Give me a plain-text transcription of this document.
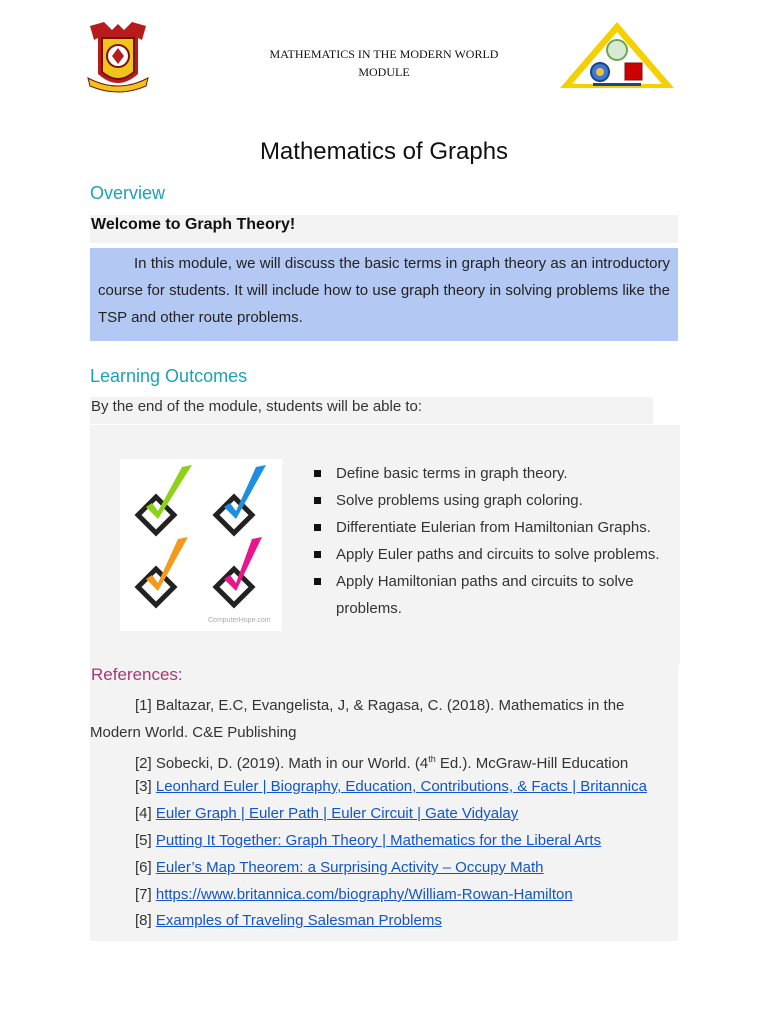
MATHEMATICS IN THE MODERN WORLD
MODULE
Mathematics of Graphs
Overview
Welcome to Graph Theory!
In this module, we will discuss the basic terms in graph theory as an introductory course for students. It will include how to use graph theory in solving problems like the TSP and other route problems.
Learning Outcomes
By the end of the module, students will be able to:
ComputerHope.com
Define basic terms in graph theory.
Solve problems using graph coloring.
Differentiate Eulerian from Hamiltonian Graphs.
Apply Euler paths and circuits to solve problems.
Apply Hamiltonian paths and circuits to solve problems.
References:
[1] Baltazar, E.C, Evangelista, J, & Ragasa, C. (2018). Mathematics in the
Modern World. C&E Publishing
[2] Sobecki, D. (2019). Math in our World. (4th Ed.). McGraw-Hill Education
[3] Leonhard Euler | Biography, Education, Contributions, & Facts | Britannica
[4] Euler Graph | Euler Path | Euler Circuit | Gate Vidyalay
[5] Putting It Together: Graph Theory | Mathematics for the Liberal Arts
[6] Euler’s Map Theorem: a Surprising Activity – Occupy Math
[7] https://www.britannica.com/biography/William-Rowan-Hamilton
[8] Examples of Traveling Salesman Problems
